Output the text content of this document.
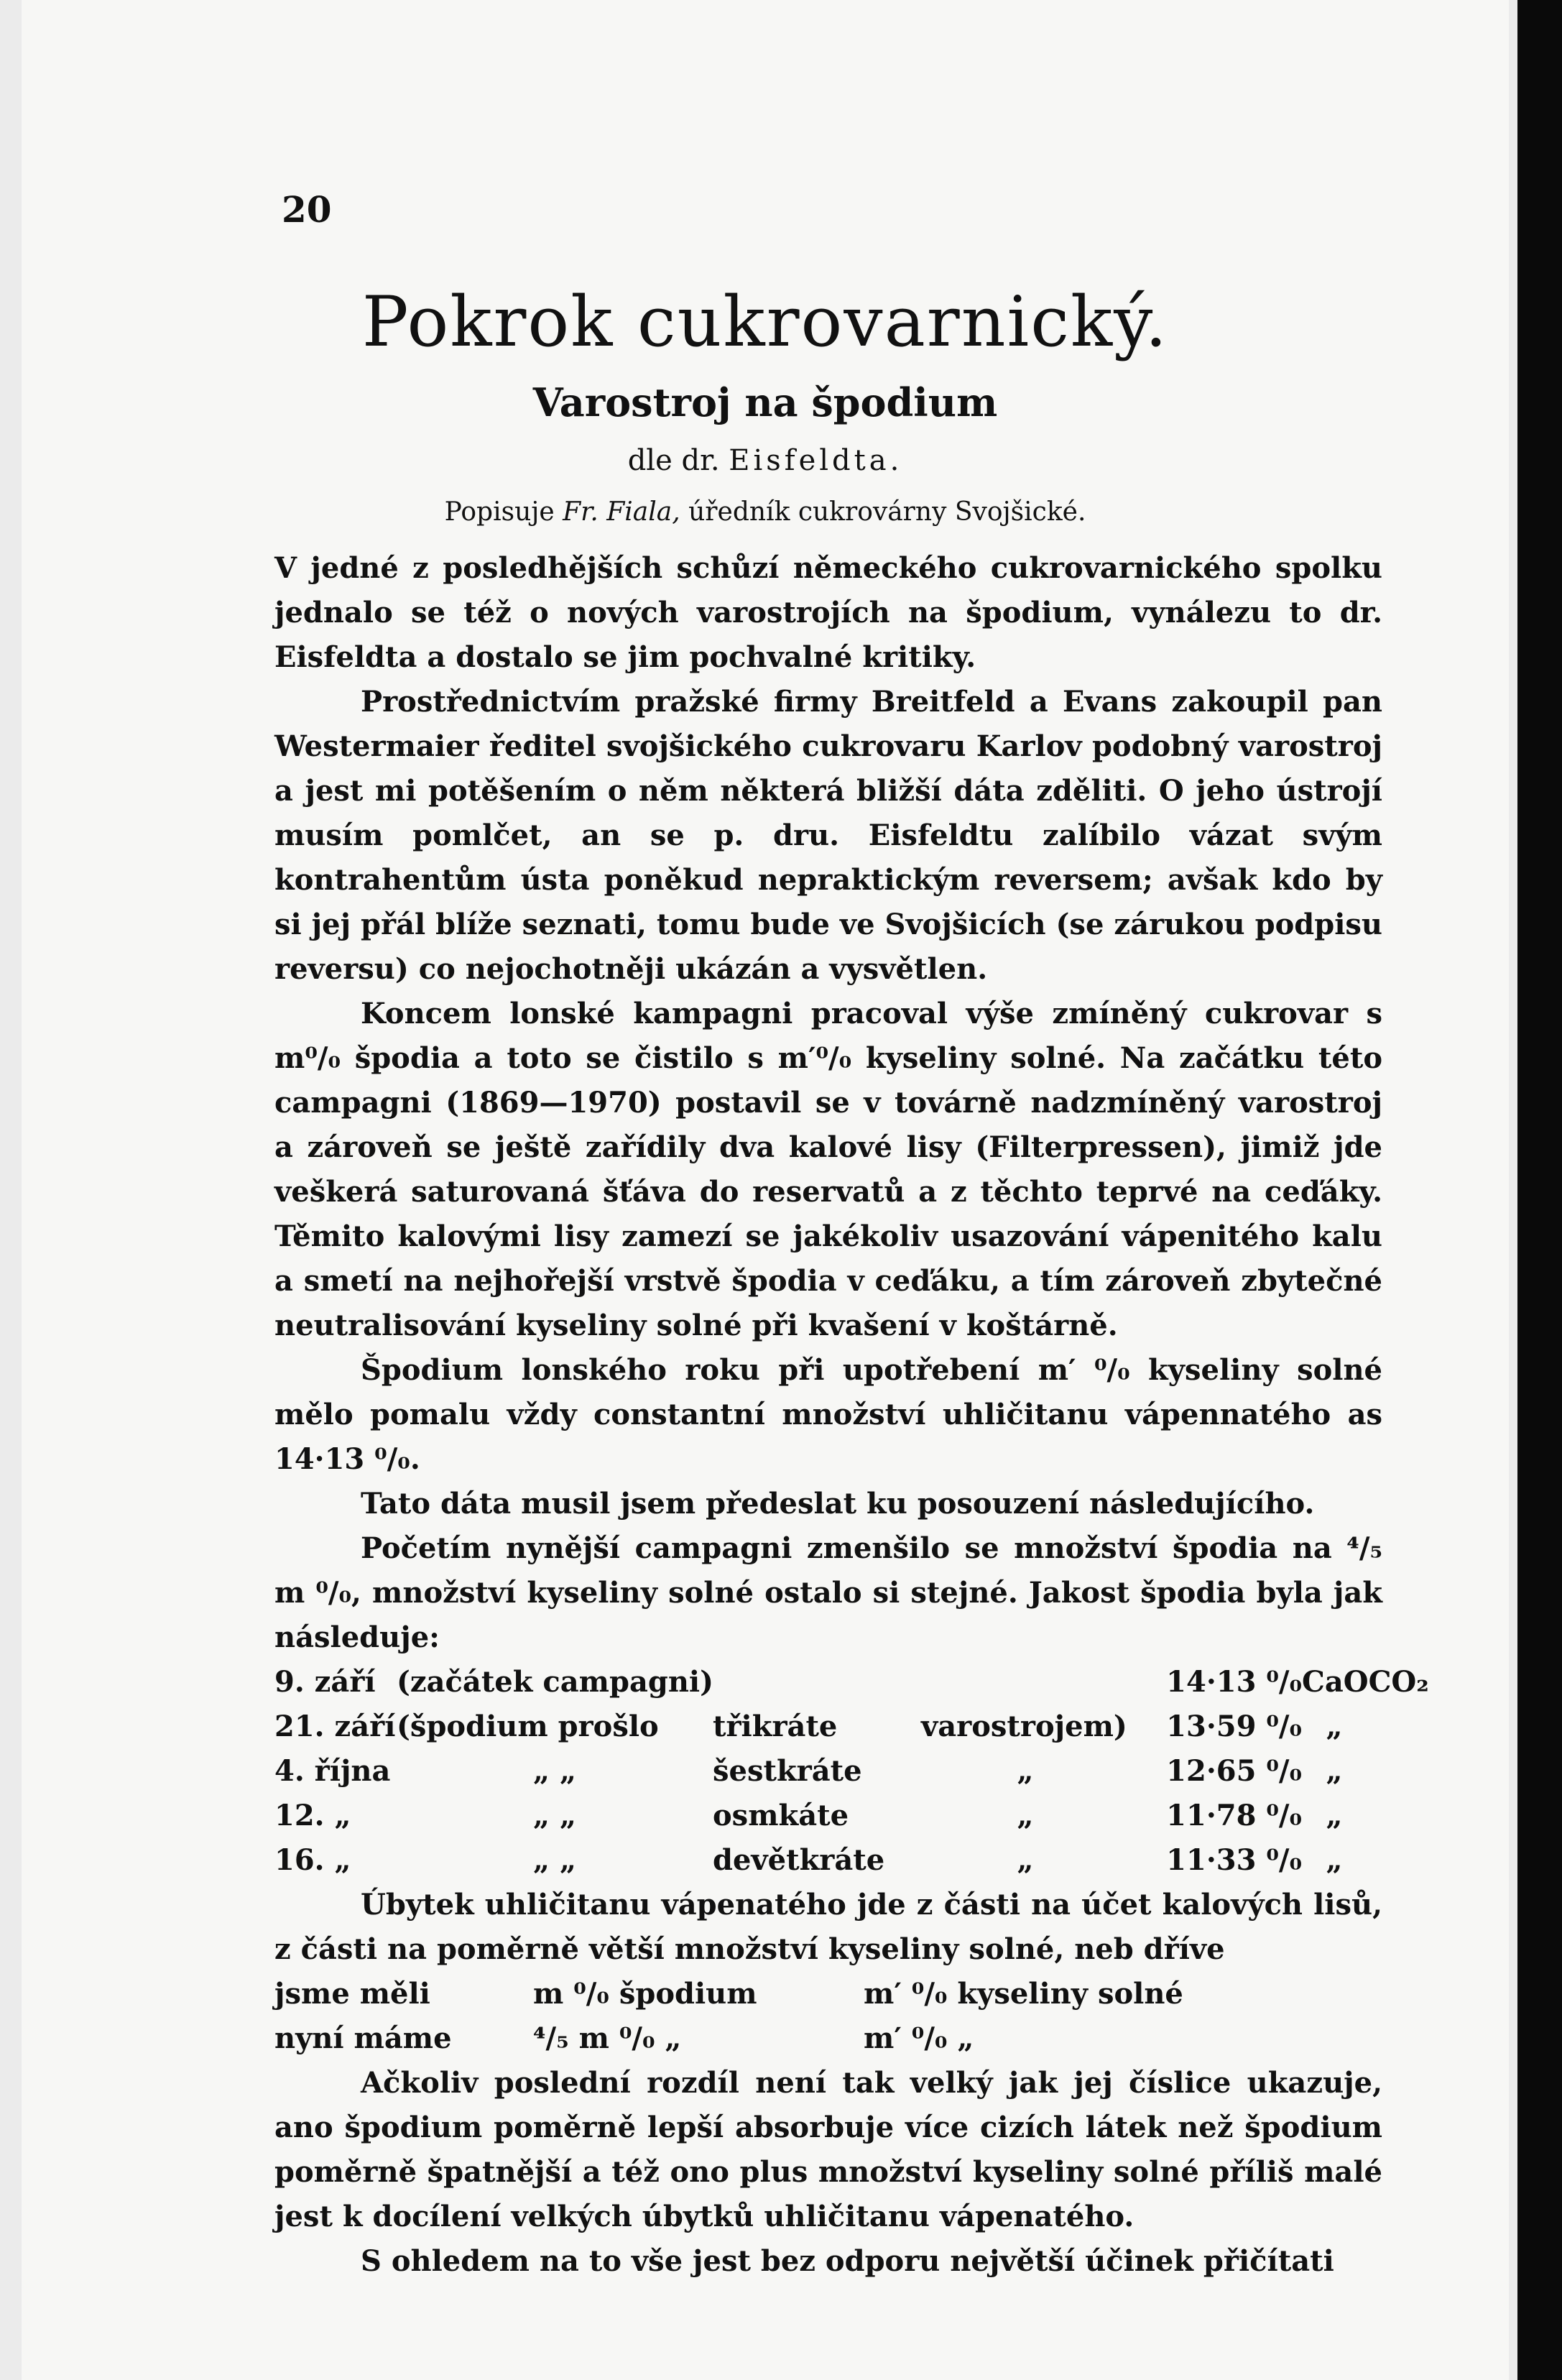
20
Pokrok cukrovarnický.
Varostroj na špodium
dle dr. Eisfeldta.
Popisuje Fr. Fiala, úředník cukrovárny Svojšické.

V jedné z posledhějších schůzí německého cukrovarnického spolku jednalo se též o nových varostrojích na špodium, vynálezu to dr. Eisfeldta a dostalo se jim pochvalné kritiky.

Prostřednictvím pražské firmy Breitfeld a Evans zakoupil pan Westermaier ředitel svojšického cukrovaru Karlov podobný varostroj a jest mi potěšením o něm některá bližší dáta zděliti. O jeho ústrojí musím pomlčet, an se p. dru. Eisfeldtu zalíbilo vázat svým kontrahentům ústa poněkud nepraktickým reversem; avšak kdo by si jej přál blíže seznati, tomu bude ve Svojšicích (se zárukou podpisu reversu) co nejochotněji ukázán a vysvětlen.

Koncem lonské kampagni pracoval výše zmíněný cukrovar s m⁰/₀ špodia a toto se čistilo s m′⁰/₀ kyseliny solné. Na začátku této campagni (1869—1970) postavil se v továrně nadzmíněný varostroj a zároveň se ještě zařídily dva kalové lisy (Filterpressen), jimiž jde veškerá saturovaná šťáva do reservatů a z těchto teprvé na ceďáky. Těmito kalovými lisy zamezí se jakékoliv usazování vápenitého kalu a smetí na nejhořejší vrstvě špodia v ceďáku, a tím zároveň zbytečné neutralisování kyseliny solné při kvašení v koštárně.

Špodium lonského roku při upotřebení m′ ⁰/₀ kyseliny solné mělo pomalu vždy constantní množství uhličitanu vápennatého as 14·13 ⁰/₀.

Tato dáta musil jsem předeslat ku posouzení následujícího.

Početím nynější campagni zmenšilo se množství špodia na ⁴/₅ m ⁰/₀, množství kyseliny solné ostalo si stejné. Jakost špodia byla jak následuje:

9. září (začátek campagni)	14·13 ⁰/₀ CaOCO₂
21. září (špodium prošlo	třikráte	varostrojem)	13·59 ⁰/₀ „
4. října	„ „	šestkráte	„	12·65 ⁰/₀ „
12. „	„ „	osmkáte	„	11·78 ⁰/₀ „
16. „	„ „	devětkráte	„	11·33 ⁰/₀ „

Úbytek uhličitanu vápenatého jde z části na účet kalových lisů, z části na poměrně větší množství kyseliny solné, neb dříve

jsme měli	m ⁰/₀ špodium	m′ ⁰/₀ kyseliny solné
nyní máme	⁴/₅ m ⁰/₀ „	m′ ⁰/₀ „

Ačkoliv poslední rozdíl není tak velký jak jej číslice ukazuje, ano špodium poměrně lepší absorbuje více cizích látek než špodium poměrně špatnější a též ono plus množství kyseliny solné příliš malé jest k docílení velkých úbytků uhličitanu vápenatého.

S ohledem na to vše jest bez odporu největší účinek přičítati
